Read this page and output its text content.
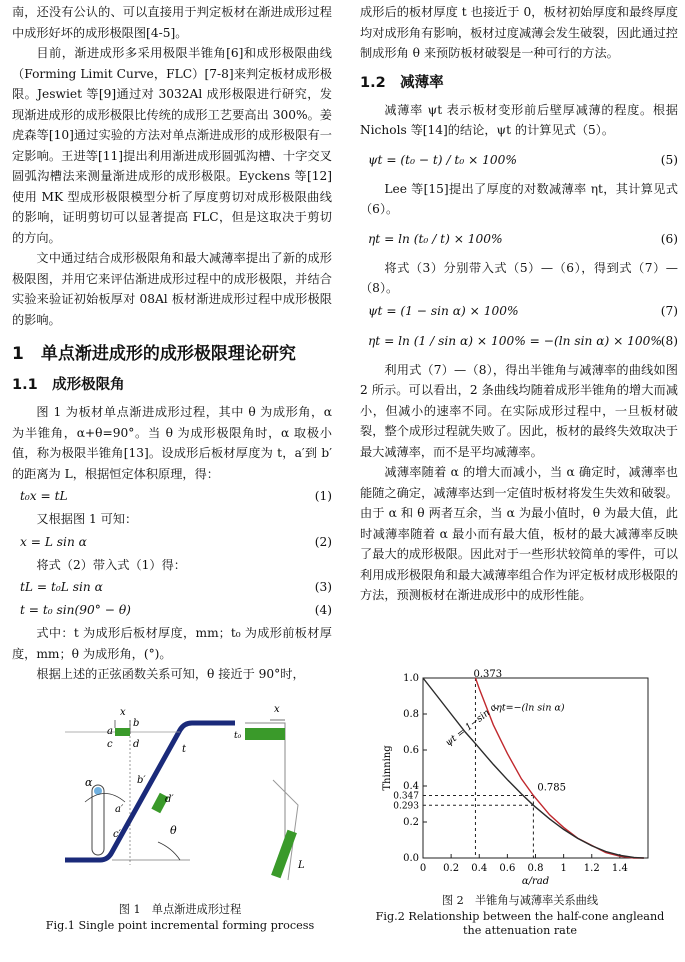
南，还没有公认的、可以直接用于判定板材在渐进成形过程中成形好坏的成形极限图[4-5]。

目前，渐进成形多采用极限半锥角[6]和成形极限曲线（Forming Limit Curve，FLC）[7-8]来判定板材成形极限。Jeswiet 等[9]通过对 3032Al 成形极限进行研究，发现渐进成形的成形极限比传统的成形工艺要高出 300%。姜虎森等[10]通过实验的方法对单点渐进成形的成形极限有一定影响。王进等[11]提出利用渐进成形圆弧沟槽、十字交叉圆弧沟槽法来测量渐进成形的成形极限。Eyckens 等[12]使用 MK 型成形极限模型分析了厚度剪切对成形极限曲线的影响，证明剪切可以显著提高 FLC，但是这取决于剪切的方向。

文中通过结合成形极限角和最大减薄率提出了新的成形极限图，并用它来评估渐进成形过程中的成形极限，并结合实验来验证初始板厚对 08Al 板材渐进成形过程中成形极限的影响。

1　单点渐进成形的成形极限理论研究
1.1　成形极限角

图 1 为板材单点渐进成形过程，其中 θ 为成形角，α 为半锥角，α+θ=90°。当 θ 为成形极限角时，α 取极小值，称为极限半锥角[13]。设成形后板材厚度为 t，a′到 b′的距离为 L，根据恒定体积原理，得：

t₀x = tL	(1)

又根据图 1 可知：

x = L sin α	(2)

将式（2）带入式（1）得：

tL = t₀L sin α	(3)
t = t₀ sin(90° − θ)	(4)

式中：t 为成形后板材厚度，mm；t₀ 为成形前板材厚度，mm；θ 为成形角，(°)。

根据上述的正弦函数关系可知，θ 接近于 90°时，

x
a
b
c d	t
b′
d′
a′
c′
α
θ
x
t₀
L
图 1　单点渐进成形过程
Fig.1 Single point incremental forming process

成形后的板材厚度 t 也接近于 0，板材初始厚度和最终厚度均对成形角有影响，板材过度减薄会发生破裂，因此通过控制成形角 θ 来预防板材破裂是一种可行的方法。

1.2　减薄率

减薄率 ψt 表示板材变形前后壁厚减薄的程度。根据 Nichols 等[14]的结论，ψt 的计算见式（5）。

ψt = (t₀ − t) / t₀ × 100%	(5)

Lee 等[15]提出了厚度的对数减薄率 ηt，其计算见式（6）。

ηt = ln (t₀ / t) × 100%	(6)

将式（3）分别带入式（5）—（6），得到式（7）—（8）。

ψt = (1 − sin α) × 100%	(7)
ηt = ln (1 / sin α) × 100% = −(ln sin α) × 100%
(8)

利用式（7）—（8），得出半锥角与减薄率的曲线如图 2 所示。可以看出，2 条曲线均随着成形半锥角的增大而减小，但减小的速率不同。在实际成形过程中，一旦板材破裂，整个成形过程就失败了。因此，板材的最终失效取决于最大减薄率，而不是平均减薄率。

减薄率随着 α 的增大而减小，当 α 确定时，减薄率也能随之确定，减薄率达到一定值时板材将发生失效和破裂。由于 α 和 θ 两者互余，当 α 为最小值时，θ 为最大值，此时减薄率随着 α 最小而有最大值，板材的最大减薄率反映了最大的成形极限。因此对于一些形状较简单的零件，可以利用成形极限角和最大减薄率组合作为评定板材成形极限的方法，预测板材在渐进成形中的成形性能。

0 0.2 0.4 0.6 0.8 1 1.2 1.4
0.0
0.2
0.4
0.6
0.8
1.0
0.347
0.293
0.373
0.785
ηt=−(ln sin α)
ψt = 1−sin α
α/rad
Thinning
图 2　半锥角与减薄率关系曲线
Fig.2 Relationship between the half-cone angleand
the attenuation rate
